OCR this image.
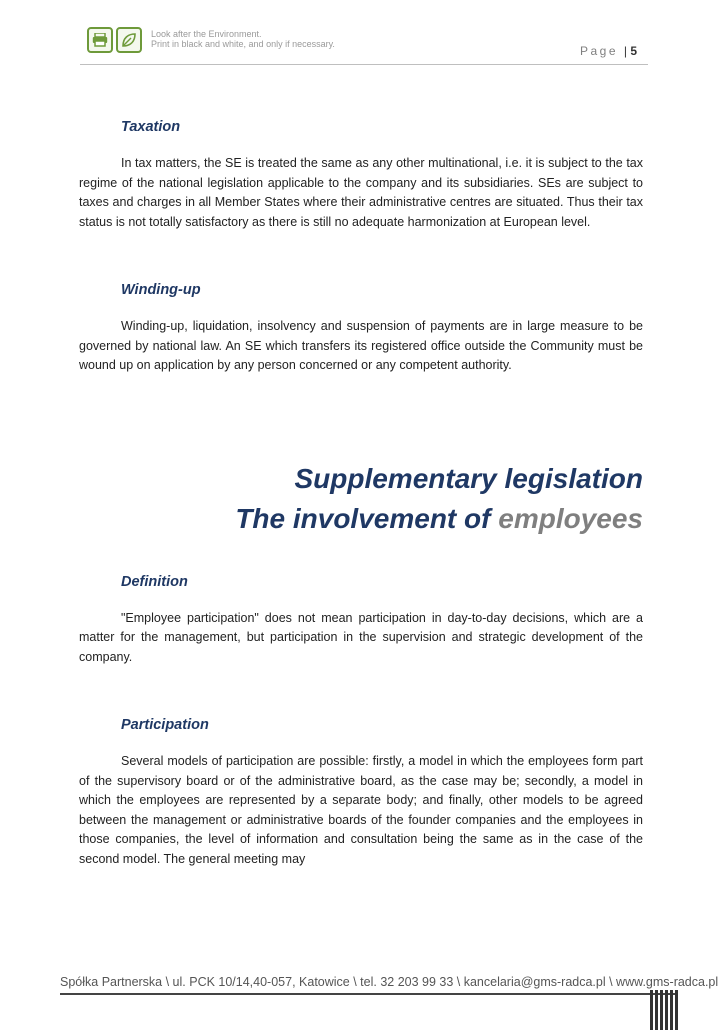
Look after the Environment.
Print in black and white, and only if necessary.	Page | 5
Taxation

In tax matters, the SE is treated the same as any other multinational, i.e. it is subject to the tax regime of the national legislation applicable to the company and its subsidiaries. SEs are subject to taxes and charges in all Member States where their administrative centres are situated. Thus their tax status is not totally satisfactory as there is still no adequate harmonization at European level.

Winding-up

Winding-up, liquidation, insolvency and suspension of payments are in large measure to be governed by national law. An SE which transfers its registered office outside the Community must be wound up on application by any person concerned or any competent authority.

Supplementary legislation

The involvement of employees

Definition

"Employee participation" does not mean participation in day-to-day decisions, which are a matter for the management, but participation in the supervision and strategic development of the company.

Participation

Several models of participation are possible: firstly, a model in which the employees form part of the supervisory board or of the administrative board, as the case may be; secondly, a model in which the employees are represented by a separate body; and finally, other models to be agreed between the management or administrative boards of the founder companies and the employees in those companies, the level of information and consultation being the same as in the case of the second model. The general meeting may

Spółka Partnerska \ ul. PCK 10/14,40-057, Katowice \ tel. 32 203 99 33 \ kancelaria@gms-radca.pl \ www.gms-radca.pl
